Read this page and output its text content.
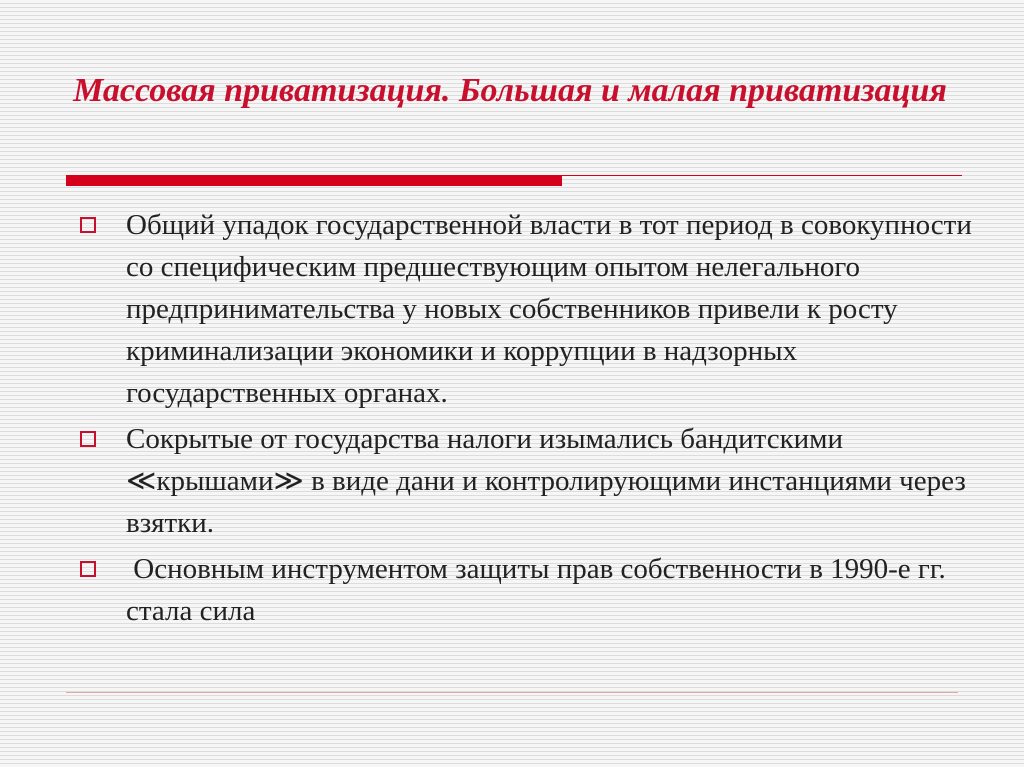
Массовая приватизация. Большая и малая приватизация
Общий упадок государственной власти в тот период в совокупности со специфическим предшествующим опытом нелегального предпринимательства у новых собственников привели к росту криминализации экономики и коррупции в надзорных государственных органах.
Сокрытые от государства налоги изымались бандитскими ≪крышами≫ в виде дани и контролирующими инстанциями через взятки.
Основным инструментом защиты прав собственности в 1990-е гг. стала сила
